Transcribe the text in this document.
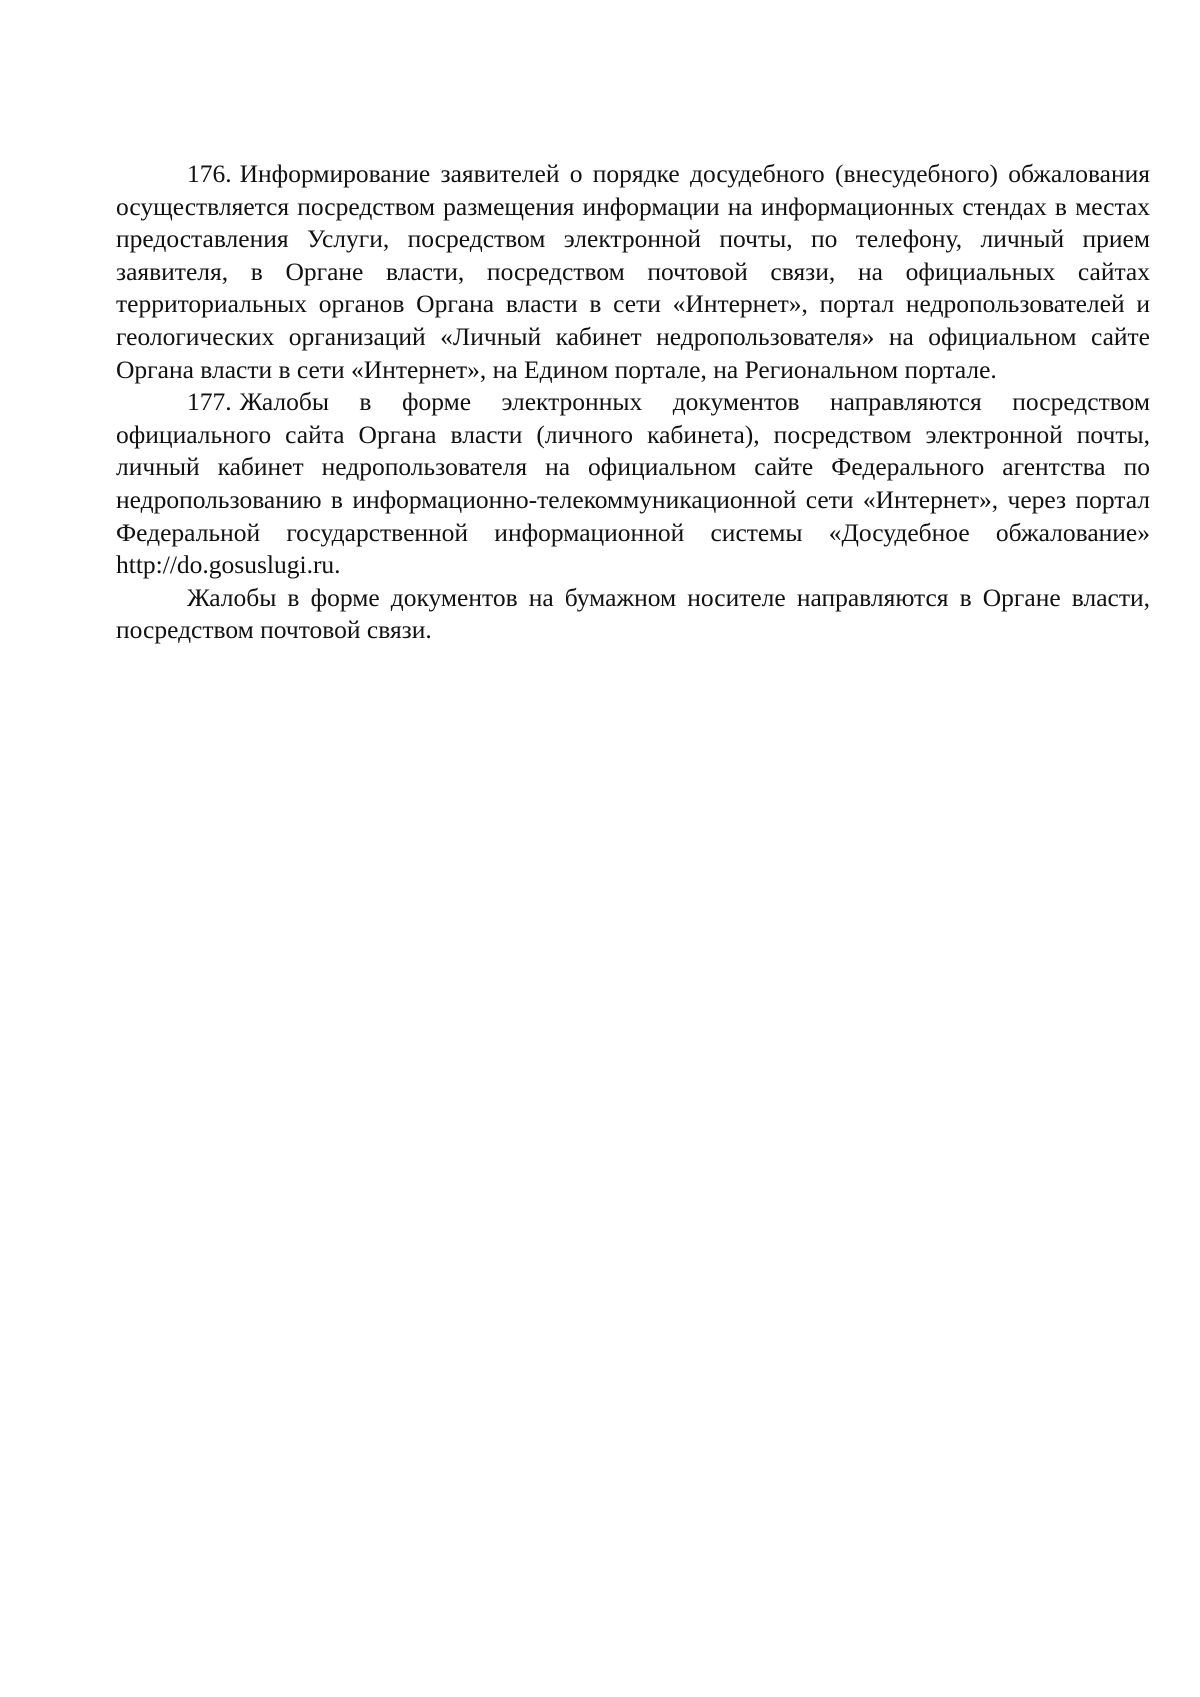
176. Информирование заявителей о порядке досудебного (внесудебного) обжалования осуществляется посредством размещения информации на информационных стендах в местах предоставления Услуги, посредством электронной почты, по телефону, личный прием заявителя, в Органе власти, посредством почтовой связи, на официальных сайтах территориальных органов Органа власти в сети «Интернет», портал недропользователей и геологических организаций «Личный кабинет недропользователя» на официальном сайте Органа власти в сети «Интернет», на Едином портале, на Региональном портале.

177. Жалобы в форме электронных документов направляются посредством официального сайта Органа власти (личного кабинета), посредством электронной почты, личный кабинет недропользователя на официальном сайте Федерального агентства по недропользованию в информационно-телекоммуникационной сети «Интернет», через портал Федеральной государственной информационной системы «Досудебное обжалование» http://do.gosuslugi.ru.

Жалобы в форме документов на бумажном носителе направляются в Органе власти, посредством почтовой связи.
